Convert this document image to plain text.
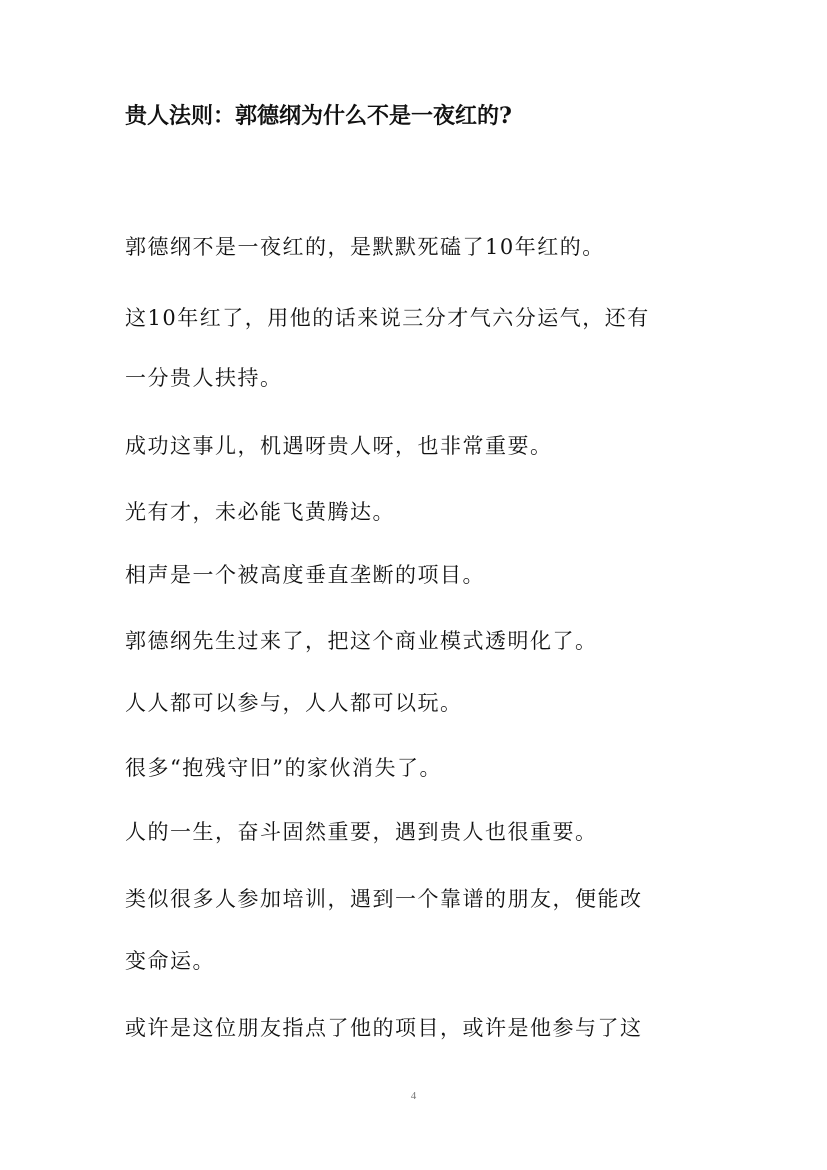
贵人法则：郭德纲为什么不是一夜红的?

郭德纲不是一夜红的，是默默死磕了10年红的。

这10年红了，用他的话来说三分才气六分运气，还有

一分贵人扶持。

成功这事儿，机遇呀贵人呀，也非常重要。

光有才，未必能飞黄腾达。

相声是一个被高度垂直垄断的项目。

郭德纲先生过来了，把这个商业模式透明化了。

人人都可以参与，人人都可以玩。

很多“抱残守旧”的家伙消失了。

人的一生，奋斗固然重要，遇到贵人也很重要。

类似很多人参加培训，遇到一个靠谱的朋友，便能改

变命运。

或许是这位朋友指点了他的项目，或许是他参与了这

4
